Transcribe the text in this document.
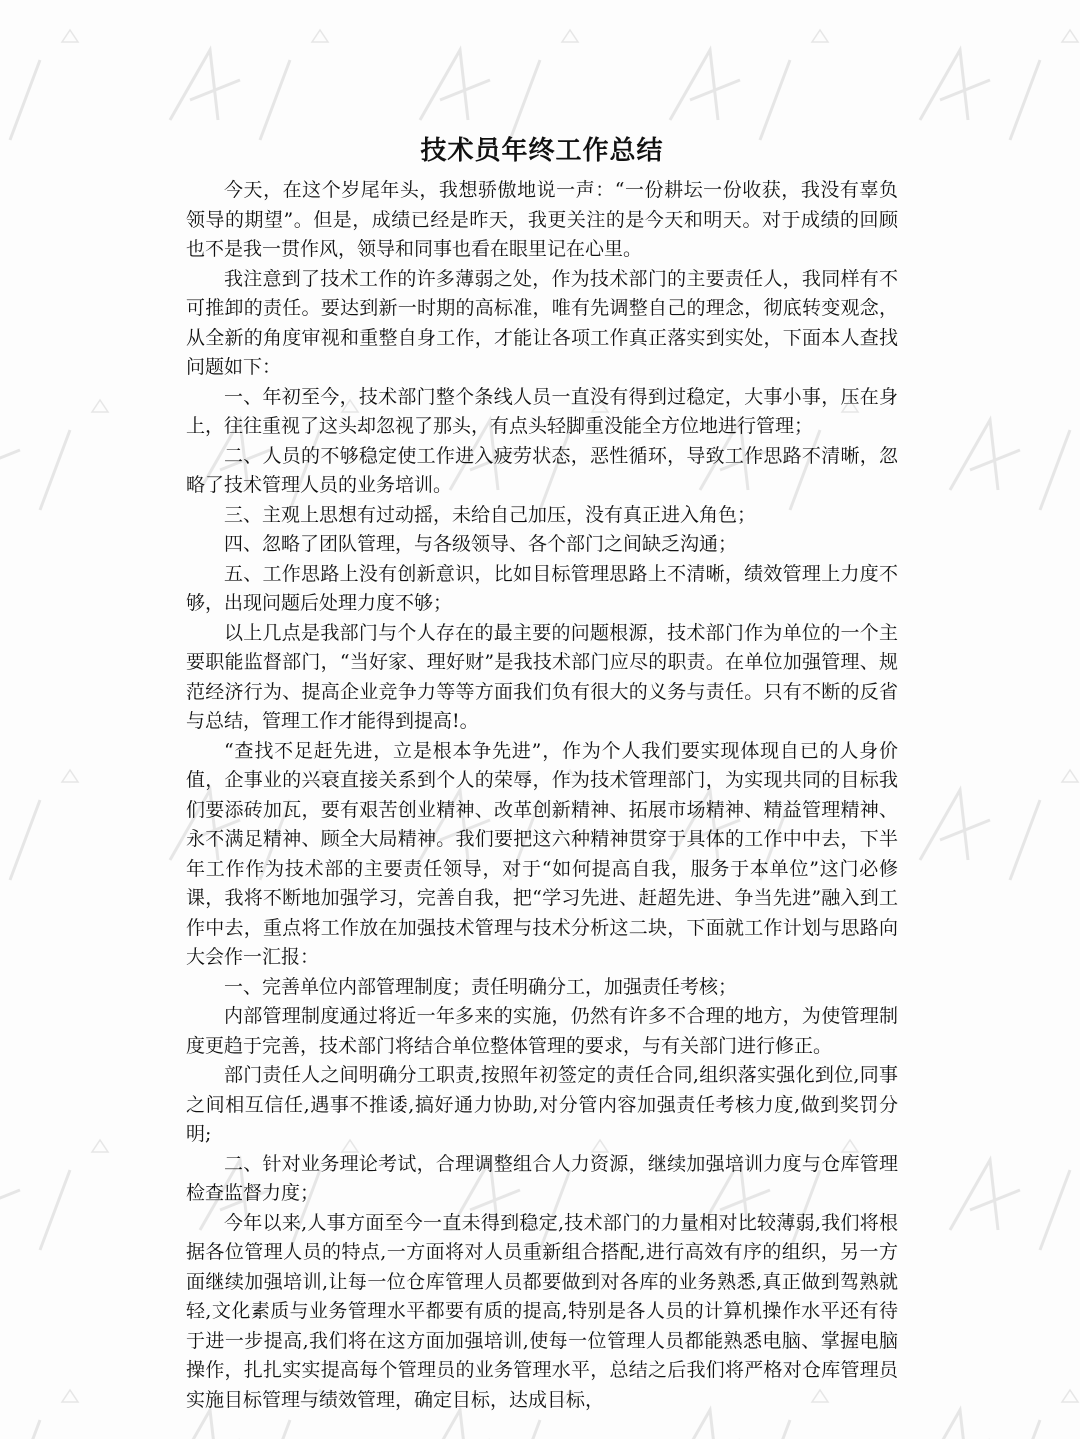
技术员年终工作总结

今天，在这个岁尾年头，我想骄傲地说一声：“一份耕坛一份收获，我没有辜负领导的期望”。但是，成绩已经是昨天，我更关注的是今天和明天。对于成绩的回顾也不是我一贯作风，领导和同事也看在眼里记在心里。

我注意到了技术工作的许多薄弱之处，作为技术部门的主要责任人，我同样有不可推卸的责任。要达到新一时期的高标准，唯有先调整自己的理念，彻底转变观念，从全新的角度审视和重整自身工作，才能让各项工作真正落实到实处，下面本人查找问题如下：

一、年初至今，技术部门整个条线人员一直没有得到过稳定，大事小事，压在身上，往往重视了这头却忽视了那头，有点头轻脚重没能全方位地进行管理；

二、人员的不够稳定使工作进入疲劳状态，恶性循环，导致工作思路不清晰，忽略了技术管理人员的业务培训。

三、主观上思想有过动摇，未给自己加压，没有真正进入角色；

四、忽略了团队管理，与各级领导、各个部门之间缺乏沟通；

五、工作思路上没有创新意识，比如目标管理思路上不清晰，绩效管理上力度不够，出现问题后处理力度不够；

以上几点是我部门与个人存在的最主要的问题根源，技术部门作为单位的一个主要职能监督部门，“当好家、理好财”是我技术部门应尽的职责。在单位加强管理、规范经济行为、提高企业竞争力等等方面我们负有很大的义务与责任。只有不断的反省与总结，管理工作才能得到提高!。

“查找不足赶先进，立是根本争先进”，作为个人我们要实现体现自已的人身价值，企事业的兴衰直接关系到个人的荣辱，作为技术管理部门，为实现共同的目标我们要添砖加瓦，要有艰苦创业精神、改革创新精神、拓展市场精神、精益管理精神、永不满足精神、顾全大局精神。我们要把这六种精神贯穿于具体的工作中中去，下半年工作作为技术部的主要责任领导，对于“如何提高自我，服务于本单位”这门必修课，我将不断地加强学习，完善自我，把“学习先进、赶超先进、争当先进”融入到工作中去，重点将工作放在加强技术管理与技术分析这二块，下面就工作计划与思路向大会作一汇报：

一、完善单位内部管理制度；责任明确分工，加强责任考核；

内部管理制度通过将近一年多来的实施，仍然有许多不合理的地方，为使管理制度更趋于完善，技术部门将结合单位整体管理的要求，与有关部门进行修正。

部门责任人之间明确分工职责,按照年初签定的责任合同,组织落实强化到位,同事之间相互信任,遇事不推诿,搞好通力协助,对分管内容加强责任考核力度,做到奖罚分明;

二、针对业务理论考试，合理调整组合人力资源，继续加强培训力度与仓库管理检查监督力度；

今年以来,人事方面至今一直未得到稳定,技术部门的力量相对比较薄弱,我们将根据各位管理人员的特点,一方面将对人员重新组合搭配,进行高效有序的组织，另一方面继续加强培训,让每一位仓库管理人员都要做到对各库的业务熟悉,真正做到驾熟就轻,文化素质与业务管理水平都要有质的提高,特别是各人员的计算机操作水平还有待于进一步提高,我们将在这方面加强培训,使每一位管理人员都能熟悉电脑、掌握电脑操作，扎扎实实提高每个管理员的业务管理水平，总结之后我们将严格对仓库管理员实施目标管理与绩效管理，确定目标，达成目标，
